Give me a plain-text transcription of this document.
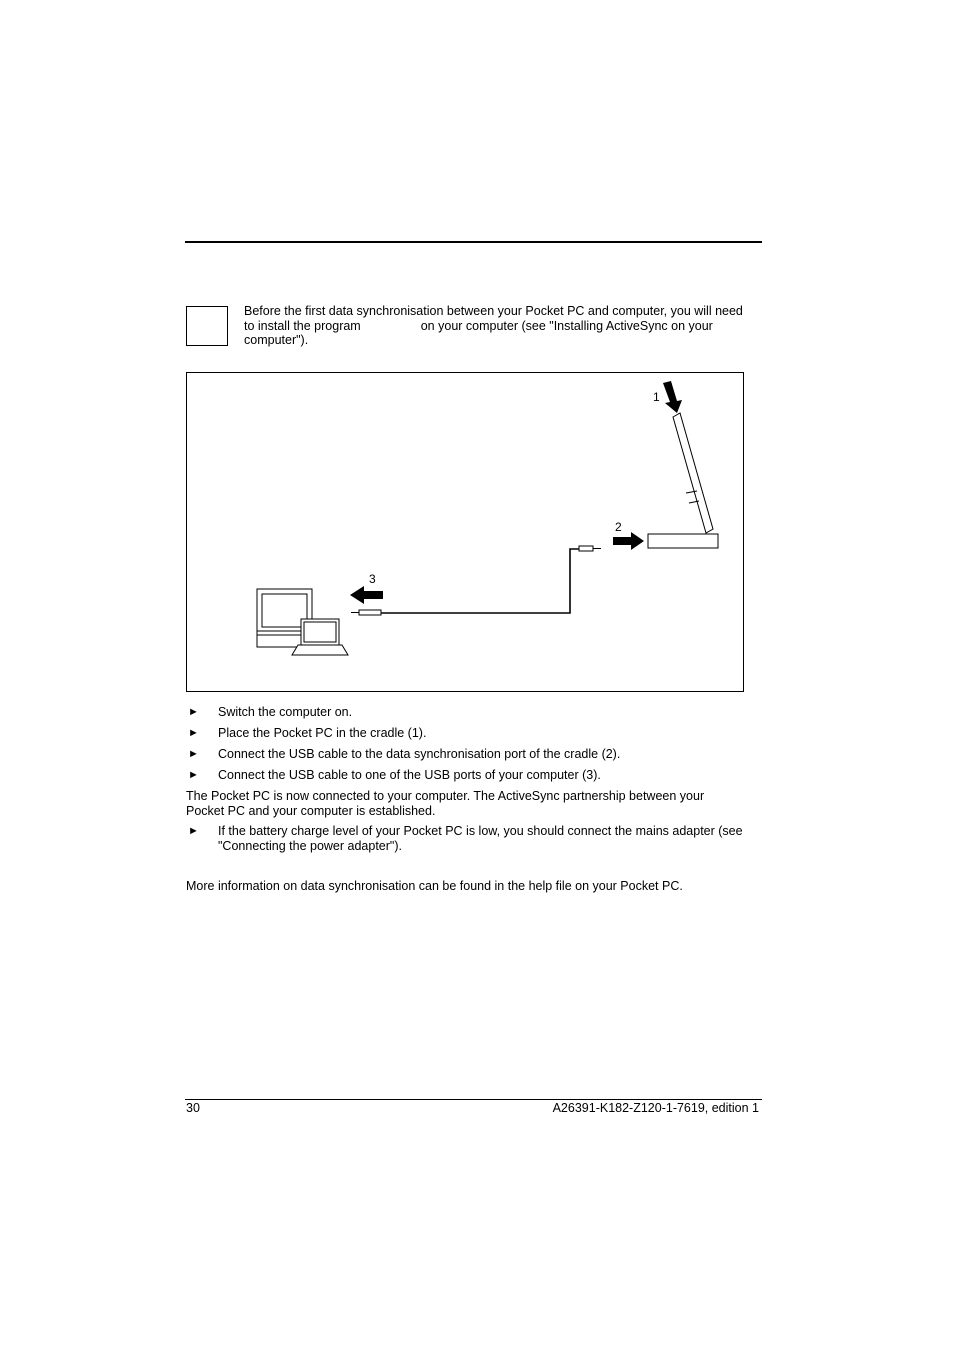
Before the first data synchronisation between your Pocket PC and computer, you will need
to install the program	on your computer (see "Installing ActiveSync on your
computer").
1
2
3
► Switch the computer on.
► Place the Pocket PC in the cradle (1).
► Connect the USB cable to the data synchronisation port of the cradle (2).
► Connect the USB cable to one of the USB ports of your computer (3).
The Pocket PC is now connected to your computer. The ActiveSync partnership between your
Pocket PC and your computer is established.
► If the battery charge level of your Pocket PC is low, you should connect the mains adapter (see
"Connecting the power adapter").
More information on data synchronisation can be found in the help file on your Pocket PC.
30	A26391-K182-Z120-1-7619, edition 1
